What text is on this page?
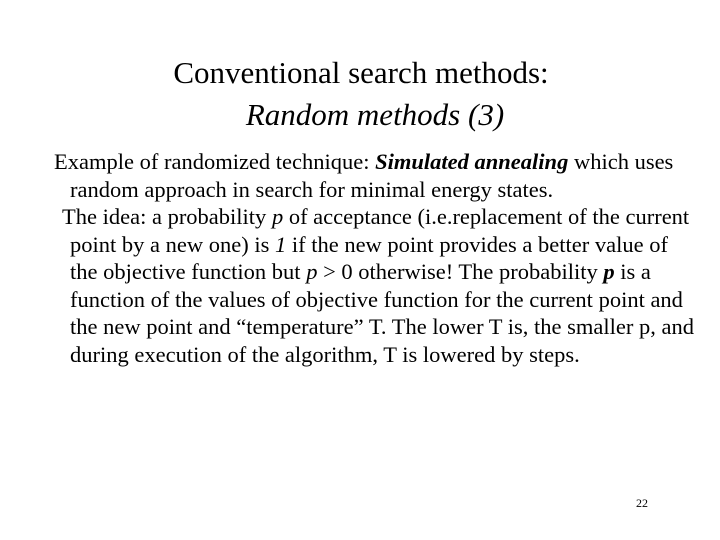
Conventional search methods:
Random methods (3)

Example of randomized technique: Simulated annealing which uses random approach in search for minimal energy states.

The idea: a probability p of acceptance (i.e.replacement of the current point by a new one) is 1 if the new point provides a better value of the objective function but p > 0 otherwise! The probability p is a function of the values of objective function for the current point and the new point and “temperature” T. The lower T is, the smaller p, and during execution of the algorithm, T is lowered by steps.

22
